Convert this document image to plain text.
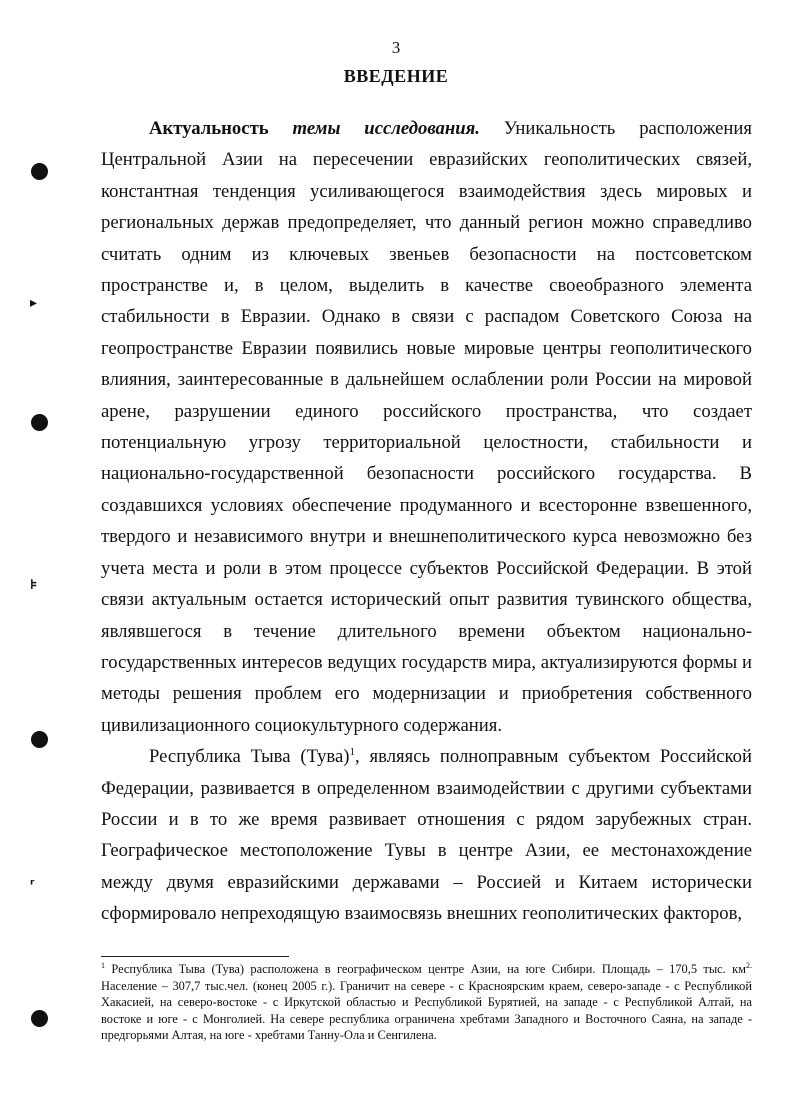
3
ВВЕДЕНИЕ

Актуальность темы исследования. Уникальность расположения Центральной Азии на пересечении евразийских геополитических связей, константная тенденция усиливающегося взаимодействия здесь мировых и региональных держав предопределяет, что данный регион можно справедливо считать одним из ключевых звеньев безопасности на постсоветском пространстве и, в целом, выделить в качестве своеобразного элемента стабильности в Евразии. Однако в связи с распадом Советского Союза на геопространстве Евразии появились новые мировые центры геополитического влияния, заинтересованные в дальнейшем ослаблении роли России на мировой арене, разрушении единого российского пространства, что создает потенциальную угрозу территориальной целостности, стабильности и национально-государственной безопасности российского государства. В создавшихся условиях обеспечение продуманного и всесторонне взвешенного, твердого и независимого внутри и внешнеполитического курса невозможно без учета места и роли в этом процессе субъектов Российской Федерации. В этой связи актуальным остается исторический опыт развития тувинского общества, являвшегося в течение длительного времени объектом национально-государственных интересов ведущих государств мира, актуализируются формы и методы решения проблем его модернизации и приобретения собственного цивилизационного социокультурного содержания.

Республика Тыва (Тува)$^1$, являясь полноправным субъектом Российской Федерации, развивается в определенном взаимодействии с другими субъектами России и в то же время развивает отношения с рядом зарубежных стран. Географическое местоположение Тувы в центре Азии, ее местонахождение между двумя евразийскими державами – Россией и Китаем исторически сформировало непреходящую взаимосвязь внешних геополитических факторов,

$^1$ Республика Тыва (Тува) расположена в географическом центре Азии, на юге Сибири. Площадь – 170,5 тыс. $км^{2.}$ Население – 307,7 тыс.чел. (конец 2005 г.). Граничит на севере - с Красноярским краем, северо-западе - с Республикой Хакасией, на северо-востоке - с Иркутской областью и Республикой Бурятией, на западе - с Республикой Алтай, на востоке и юге - с Монголией. На севере республика ограничена хребтами Западного и Восточного Саяна, на западе - предгорьями Алтая, на юге - хребтами Танну-Ола и Сенгилена.
▸
⊧
ʳ
